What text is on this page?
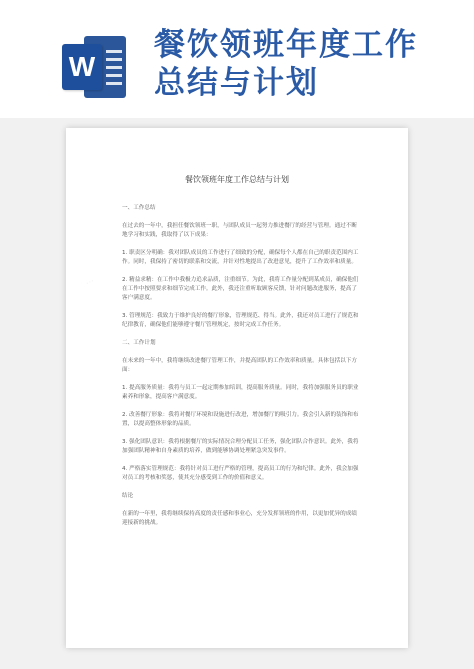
W
餐饮领班年度工作
总结与计划
···
餐饮领班年度工作总结与计划

一、工作总结

在过去的一年中，我担任餐饮领班一职，与团队成员一起努力推进餐厅的经营与管理。通过不断地学习和实践，我取得了以下成果：

1. 职责区分明确：我对团队成员的工作进行了细致的分配，确保每个人都在自己的职责范围内工作。同时，我保持了密切的联系和交流，并针对性地提出了改进意见，提升了工作效率和质量。

2. 精益求精：在工作中我极力追求品质，注重细节。为此，我将工作量分配到某成员，确保他们在工作中按照要求和细节完成工作。此外，我还注重听取顾客反馈，针对问题改进服务，提高了客户满意度。

3. 管理规范：我致力于维护良好的餐厅形象，管理规范、得当。此外，我还对员工进行了规范和纪律教育，确保他们能够遵守餐厅管理规定，按时完成工作任务。

二、工作计划

在未来的一年中，我将继续改进餐厅管理工作，并提高团队的工作效率和质量。具体包括以下方面：

1. 提高服务质量：我将与员工一起定期参加培训，提高服务质量。同时，我将加强服务员的职业素养和形象，提高客户满意度。

2. 改善餐厅形象：我将对餐厅环境和设施进行改进，增加餐厅的吸引力。我会引入新的装饰和布置，以提高整体形象的品质。

3. 强化团队意识：我将根据餐厅的实际情况合理分配员工任务，强化团队合作意识。此外，我将加强团队精神和自身素质的培养，做到能够协调处理紧急突发事件。

4. 严格落实管理规范：我将针对员工进行严格的管理，提高员工的行为和纪律。此外，我会加强对员工的考核和奖惩，使其充分感受到工作的价值和意义。

结论

在新的一年里，我将继续保持高度的责任感和事业心，充分发挥领班的作用，以更加优异的成绩迎接新的挑战。
